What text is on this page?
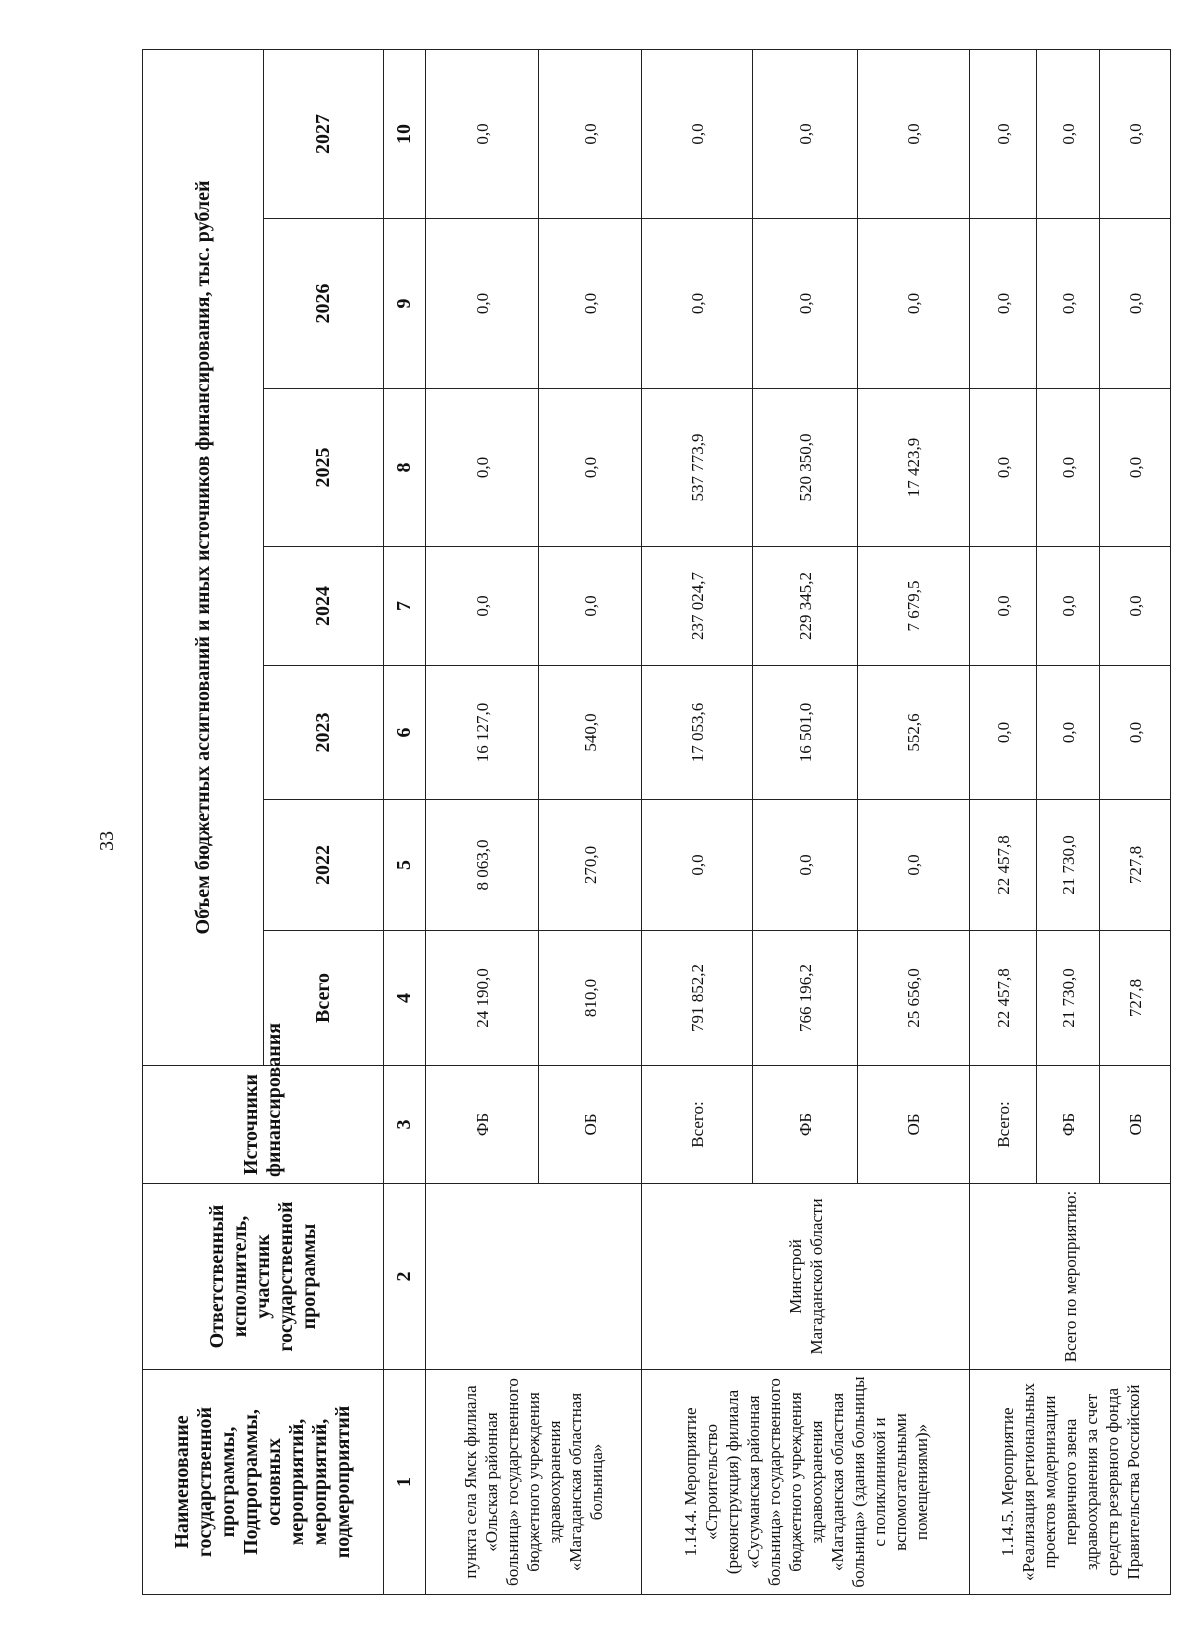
33
Наименование государственной программы, Подпрограммы, основных мероприятий, мероприятий, подмероприятий	Ответственный исполнитель, участник государственной программы	Источники финансирования	Объем бюджетных ассигнований и иных источников финансирования, тыс. рублей						
			Всего	2022	2023	2024	2025	2026	2027
1	2	3	4	5	6	7	8	9	10
пункта села Ямск филиала «Ольская районная больница» государственного бюджетного учреждения здравоохранения «Магаданская областная больница»		ФБ	24 190,0	8 063,0	16 127,0	0,0	0,0	0,0	0,0
		ОБ	810,0	270,0	540,0	0,0	0,0	0,0	0,0
1.14.4. Мероприятие «Строительство (реконструкция) филиала «Сусуманская районная больница» государственного бюджетного учреждения здравоохранения «Магаданская областная больница» (здания больницы с поликлиникой и вспомогательными помещениями)»	Минстрой Магаданской области	Всего:	791 852,2	0,0	17 053,6	237 024,7	537 773,9	0,0	0,0
		ФБ	766 196,2	0,0	16 501,0	229 345,2	520 350,0	0,0	0,0
		ОБ	25 656,0	0,0	552,6	7 679,5	17 423,9	0,0	0,0
1.14.5. Мероприятие «Реализация региональных проектов модернизации первичного звена здравоохранения за счет средств резервного фонда Правительства Российской	Всего по мероприятию:	Всего:	22 457,8	22 457,8	0,0	0,0	0,0	0,0	0,0
		ФБ	21 730,0	21 730,0	0,0	0,0	0,0	0,0	0,0
		ОБ	727,8	727,8	0,0	0,0	0,0	0,0	0,0
